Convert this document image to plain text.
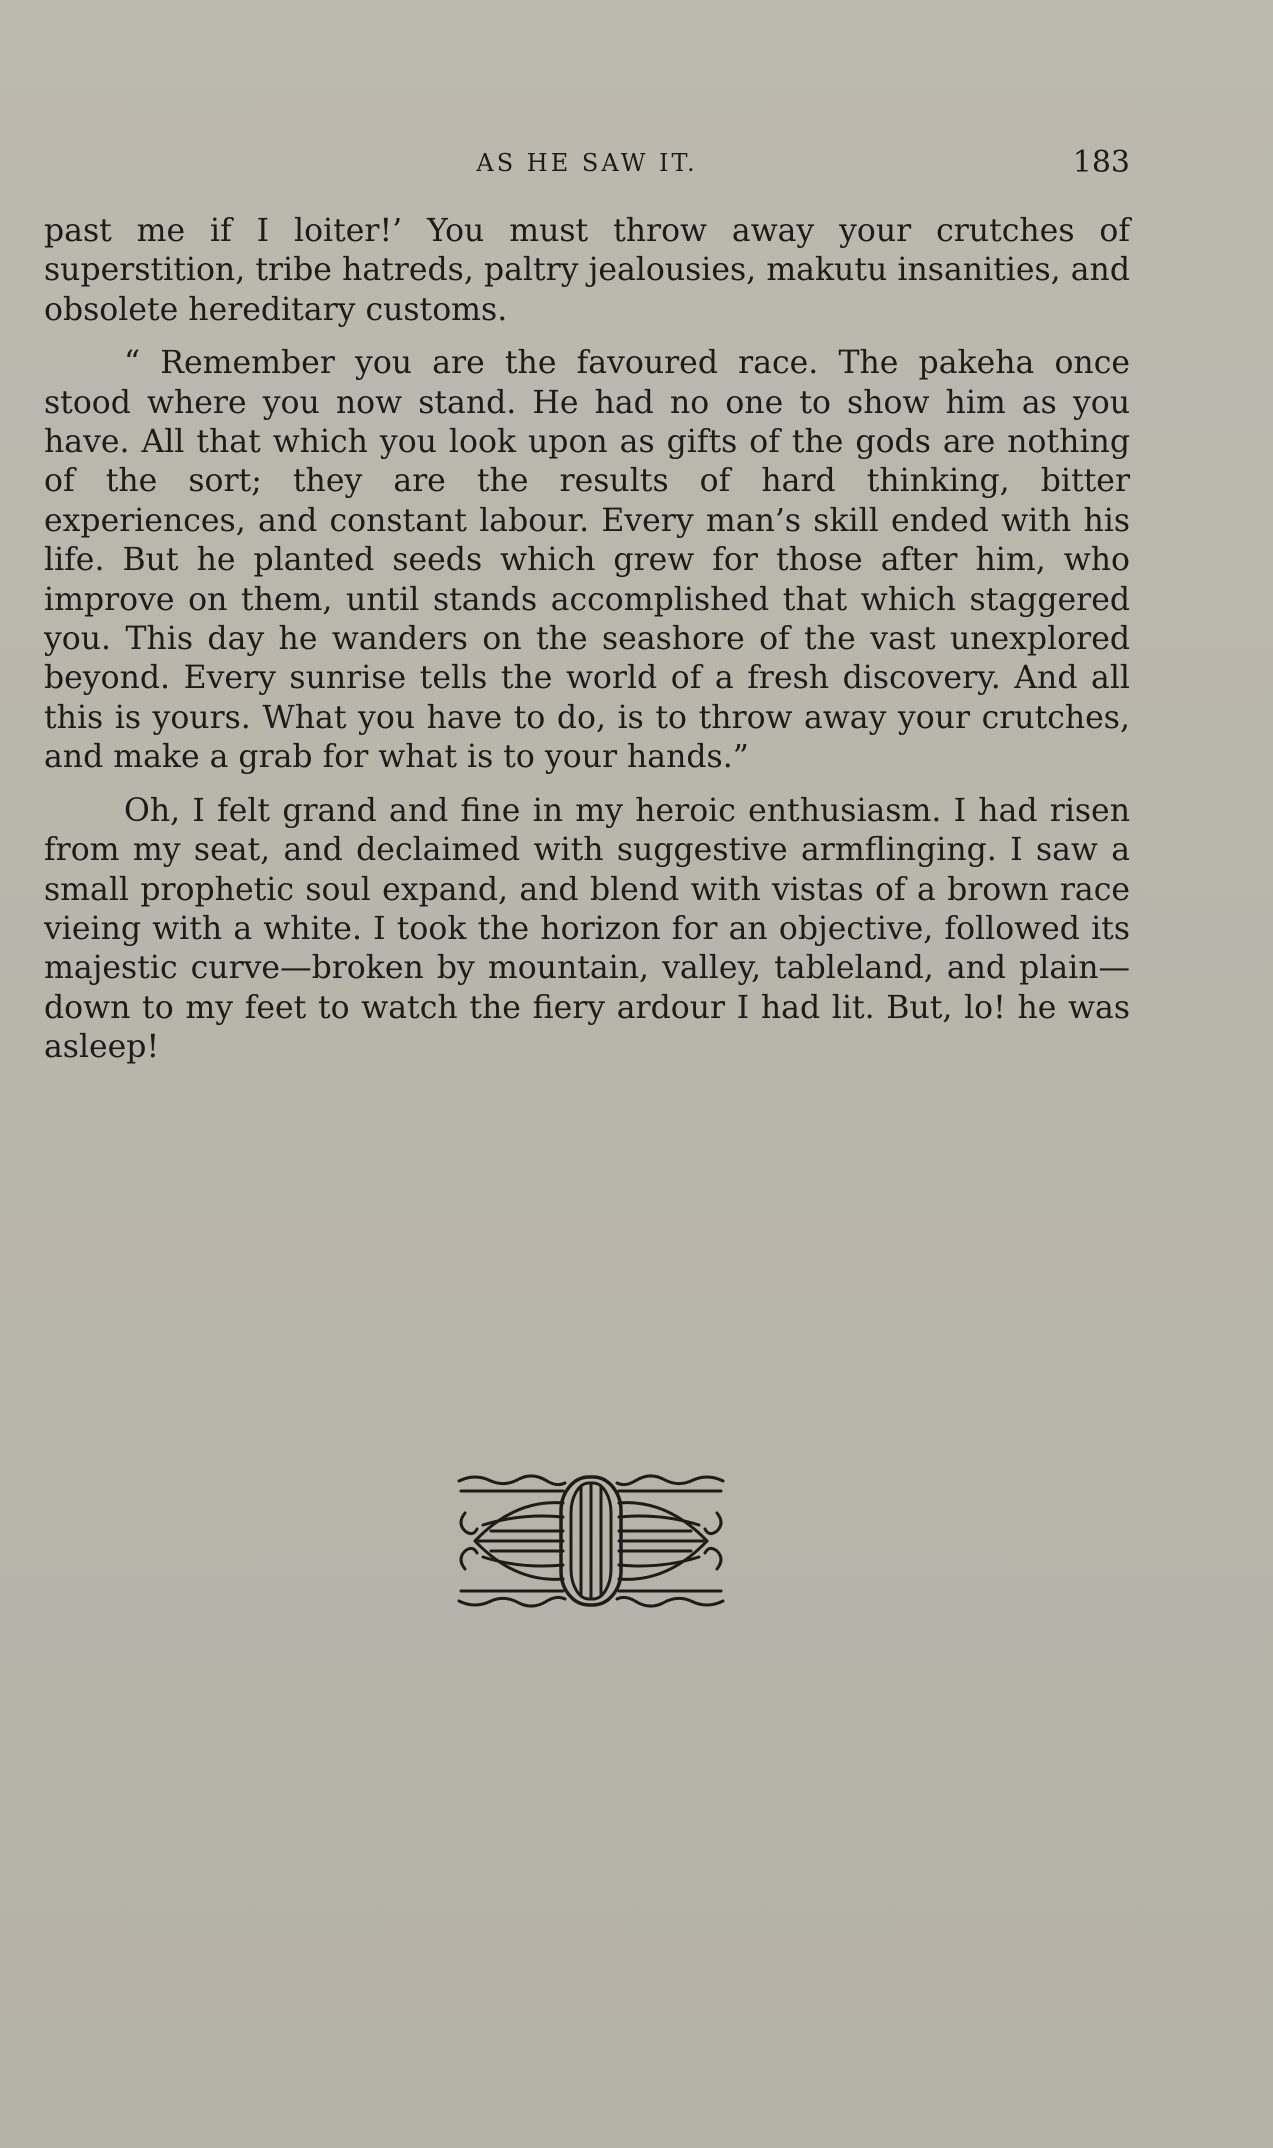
AS HE SAW IT.	183

past me if I loiter!’ You must throw away your crutches of superstition, tribe hatreds, paltry jealousies, makutu insanities, and obsolete hereditary customs.

“ Remember you are the favoured race. The pakeha once stood where you now stand. He had no one to show him as you have. All that which you look upon as gifts of the gods are nothing of the sort; they are the results of hard thinking, bitter experiences, and constant labour. Every man’s skill ended with his life. But he planted seeds which grew for those after him, who improve on them, until stands accomplished that which staggered you. This day he wanders on the seashore of the vast unexplored beyond. Every sunrise tells the world of a fresh discovery. And all this is yours. What you have to do, is to throw away your crutches, and make a grab for what is to your hands.”

Oh, I felt grand and fine in my heroic enthusiasm. I had risen from my seat, and declaimed with suggestive armflinging. I saw a small prophetic soul expand, and blend with vistas of a brown race vieing with a white. I took the horizon for an objective, followed its majestic curve—broken by mountain, valley, tableland, and plain—down to my feet to watch the fiery ardour I had lit. But, lo! he was asleep!
